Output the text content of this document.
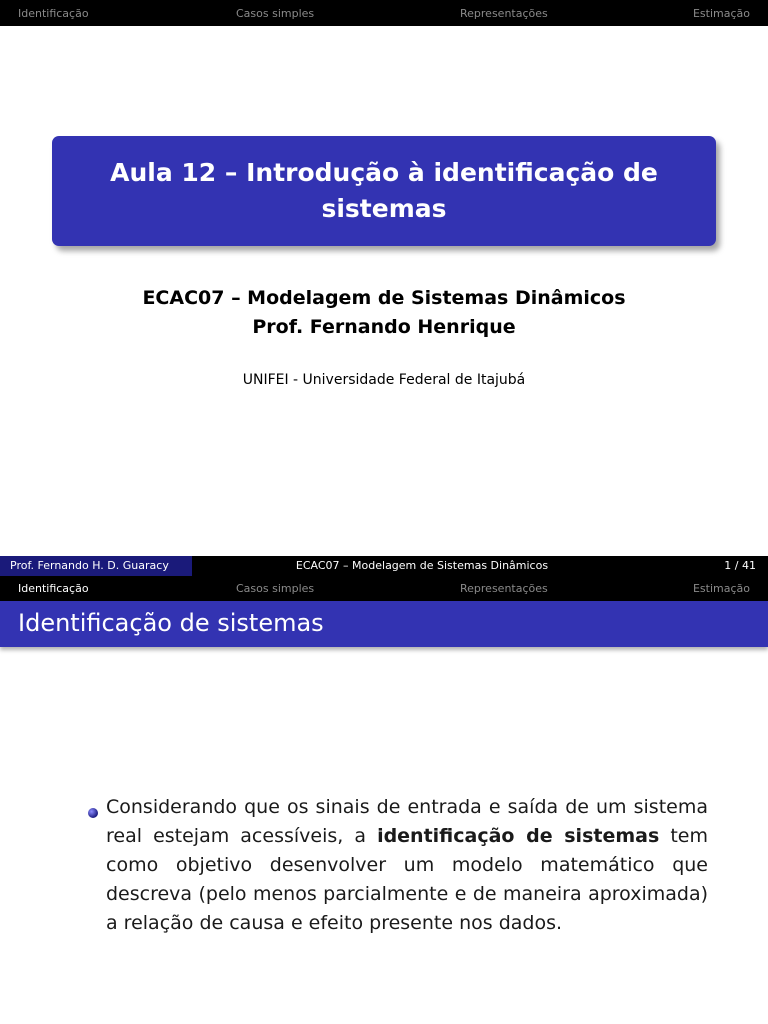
Identificação	Casos simples	Representações	Estimação
Aula 12 – Introdução à identificação de sistemas
ECAC07 – Modelagem de Sistemas Dinâmicos
Prof. Fernando Henrique
UNIFEI - Universidade Federal de Itajubá
Prof. Fernando H. D. Guaracy	ECAC07 – Modelagem de Sistemas Dinâmicos	1 / 41
Identificação	Casos simples	Representações	Estimação
Identificação de sistemas
Considerando que os sinais de entrada e saída de um sistema real estejam acessíveis, a identificação de sistemas tem como objetivo desenvolver um modelo matemático que descreva (pelo menos parcialmente e de maneira aproximada) a relação de causa e efeito presente nos dados.
